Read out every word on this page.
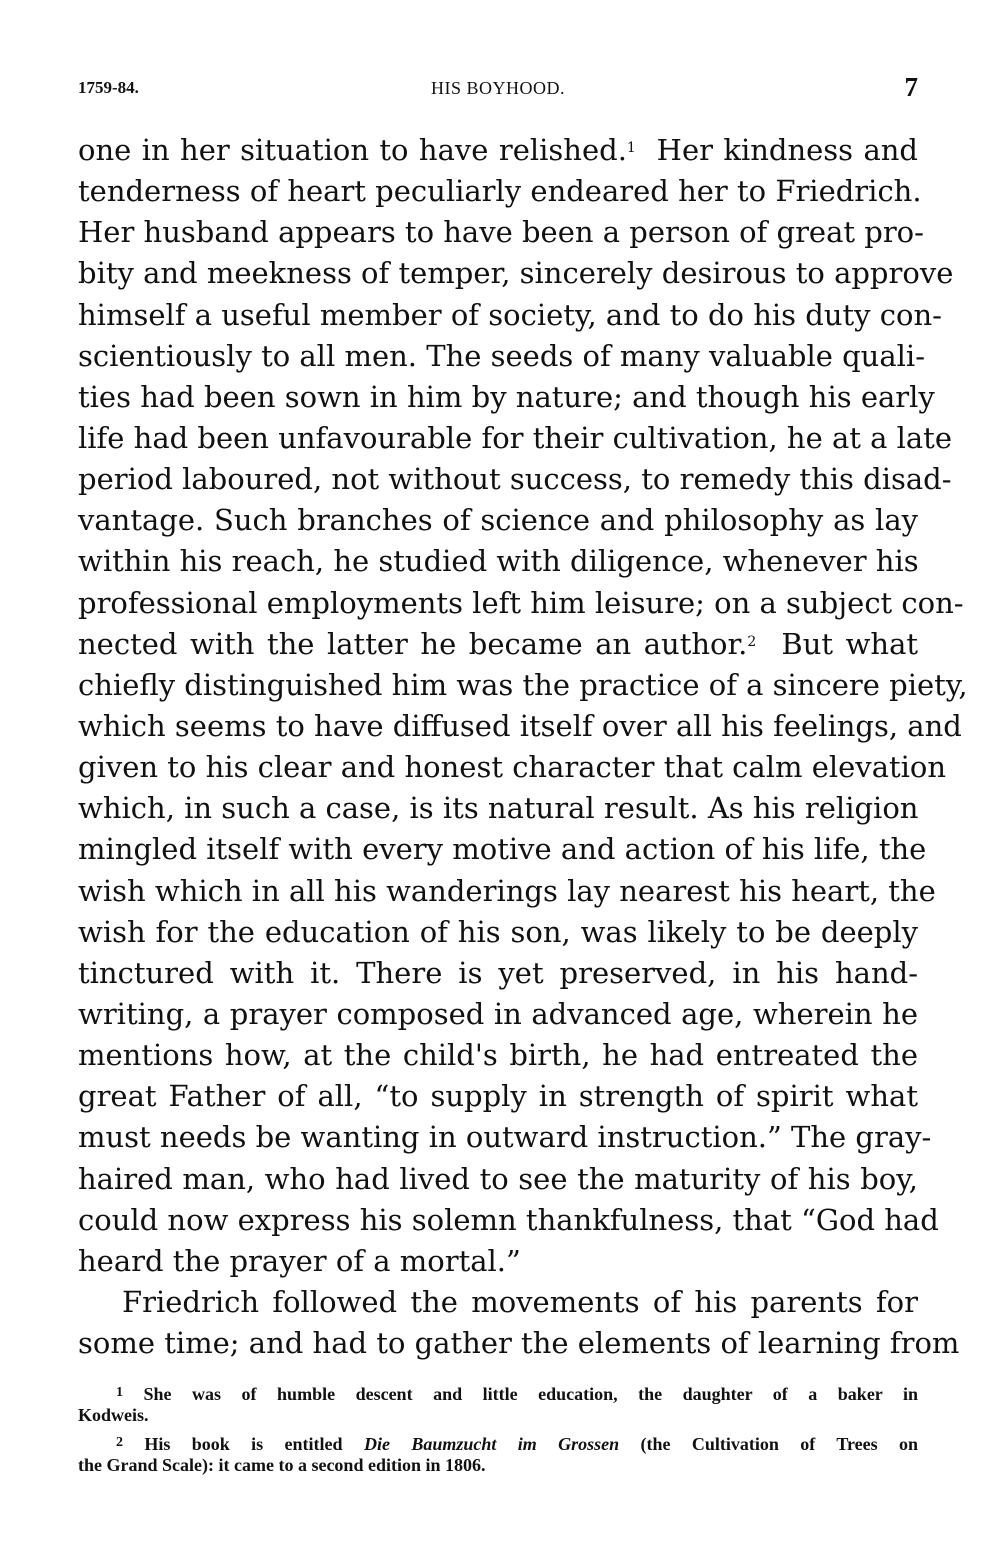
1759-84.	HIS BOYHOOD.	7
one in her situation to have relished.$^1$ Her kindness and
tenderness of heart peculiarly endeared her to Friedrich.
Her husband appears to have been a person of great pro-
bity and meekness of temper, sincerely desirous to approve
himself a useful member of society, and to do his duty con-
scientiously to all men. The seeds of many valuable quali-
ties had been sown in him by nature; and though his early
life had been unfavourable for their cultivation, he at a late
period laboured, not without success, to remedy this disad-
vantage. Such branches of science and philosophy as lay
within his reach, he studied with diligence, whenever his
professional employments left him leisure; on a subject con-
nected with the latter he became an author.$^2$ But what
chiefly distinguished him was the practice of a sincere piety,
which seems to have diffused itself over all his feelings, and
given to his clear and honest character that calm elevation
which, in such a case, is its natural result. As his religion
mingled itself with every motive and action of his life, the
wish which in all his wanderings lay nearest his heart, the
wish for the education of his son, was likely to be deeply
tinctured with it. There is yet preserved, in his hand-
writing, a prayer composed in advanced age, wherein he
mentions how, at the child's birth, he had entreated the
great Father of all, “to supply in strength of spirit what
must needs be wanting in outward instruction.” The gray-
haired man, who had lived to see the maturity of his boy,
could now express his solemn thankfulness, that “God had
heard the prayer of a mortal.”
Friedrich followed the movements of his parents for
some time; and had to gather the elements of learning from
$^1$ She was of humble descent and little education, the daughter of a baker in
Kodweis.
$^2$ His book is entitled Die Baumzucht im Grossen (the Cultivation of Trees on
the Grand Scale): it came to a second edition in 1806.
